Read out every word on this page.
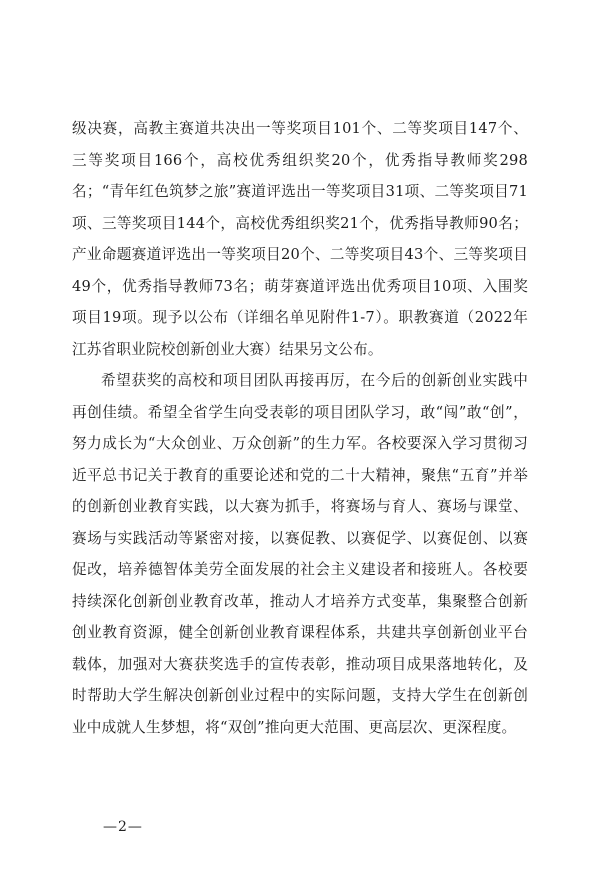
级决赛，高教主赛道共决出一等奖项目101个、二等奖项目147个、三等奖项目166个，高校优秀组织奖20个，优秀指导教师奖298名；“青年红色筑梦之旅”赛道评选出一等奖项目31项、二等奖项目71项、三等奖项目144个，高校优秀组织奖21个，优秀指导教师90名；产业命题赛道评选出一等奖项目20个、二等奖项目43个、三等奖项目49个，优秀指导教师73名；萌芽赛道评选出优秀项目10项、入围奖项目19项。现予以公布（详细名单见附件1-7）。职教赛道（2022年江苏省职业院校创新创业大赛）结果另文公布。

希望获奖的高校和项目团队再接再厉，在今后的创新创业实践中再创佳绩。希望全省学生向受表彰的项目团队学习，敢“闯”敢“创”，努力成长为“大众创业、万众创新”的生力军。各校要深入学习贯彻习近平总书记关于教育的重要论述和党的二十大精神，聚焦“五育”并举的创新创业教育实践，以大赛为抓手，将赛场与育人、赛场与课堂、赛场与实践活动等紧密对接，以赛促教、以赛促学、以赛促创、以赛促改，培养德智体美劳全面发展的社会主义建设者和接班人。各校要持续深化创新创业教育改革，推动人才培养方式变革，集聚整合创新创业教育资源，健全创新创业教育课程体系，共建共享创新创业平台载体，加强对大赛获奖选手的宣传表彰，推动项目成果落地转化，及时帮助大学生解决创新创业过程中的实际问题，支持大学生在创新创业中成就人生梦想，将“双创”推向更大范围、更高层次、更深程度。

—2—
